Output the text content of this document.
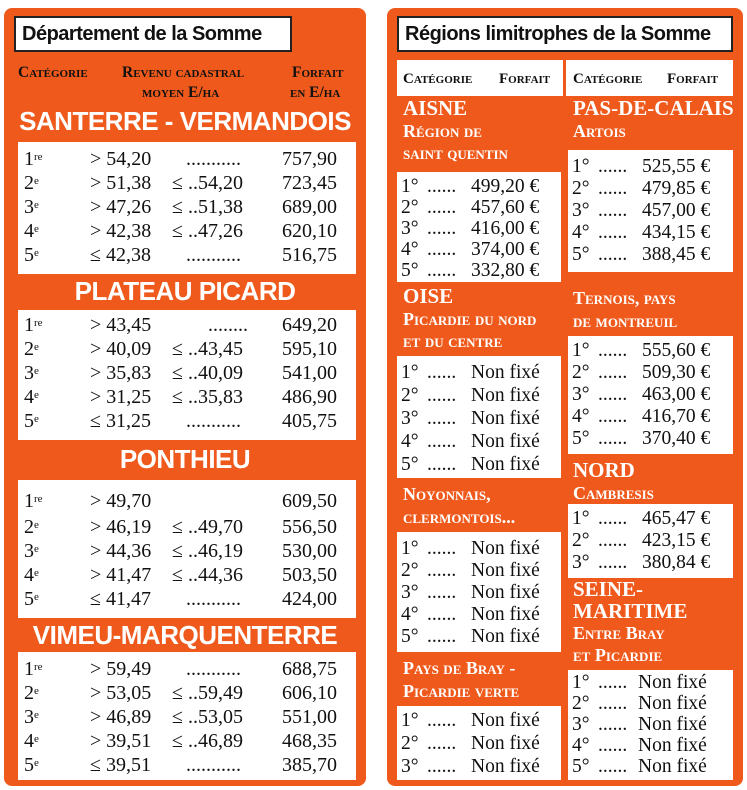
Département de la Somme
Catégorie Revenu cadastral
moyen E/ha
Forfait
en E/ha
SANTERRE - VERMANDOIS
1re > 54,20 ........... 757,90
$2^e$	> 51,38 ≤ ..54,20 723,45
$3^e$	> 47,26 ≤ ..51,38 689,00
$4^e$	> 42,38 ≤ ..47,26 620,10
$5^e$	≤ 42,38 ........... 516,75
PLATEAU PICARD
1re > 43,45	........ 649,20
$2^e$	> 40,09 ≤ ..43,45 595,10
$3^e$	> 35,83 ≤ ..40,09 541,00
$4^e$	> 31,25 ≤ ..35,83 486,90
$5^e$	≤ 31,25 ........... 405,75
PONTHIEU
1re > 49,70	609,50
$2^e$	> 46,19 ≤ ..49,70 556,50
$3^e$	> 44,36 ≤ ..46,19 530,00
$4^e$	> 41,47 ≤ ..44,36 503,50
$5^e$	≤ 41,47 ........... 424,00
VIMEU-MARQUENTERRE
1re > 59,49 ........... 688,75
$2^e$	> 53,05 ≤ ..59,49 606,10
$3^e$	> 46,89 ≤ ..53,05 551,00
$4^e$	> 39,51 ≤ ..46,89 468,35
$5^e$	≤ 39,51 ........... 385,70
Régions limitrophes de la Somme
Catégorie Forfait Catégorie Forfait
AISNE
Région de
saint quentin
1° ...... 499,20 €
2° ...... 457,60 €
3° ...... 416,00 €
4° ...... 374,00 €
5° ...... 332,80 €
OISE
Picardie du nord
et du centre
1° ...... Non fixé
2° ...... Non fixé
3° ...... Non fixé
4° ...... Non fixé
5° ...... Non fixé
Noyonnais,
clermontois...
1° ...... Non fixé
2° ...... Non fixé
3° ...... Non fixé
4° ...... Non fixé
5° ...... Non fixé
Pays de Bray -
Picardie verte
1° ...... Non fixé
2° ...... Non fixé
3° ...... Non fixé
PAS-DE-CALAIS
Artois
1° ...... 525,55 €
2° ...... 479,85 €
3° ...... 457,00 €
4° ...... 434,15 €
5° ...... 388,45 €
Ternois, pays
de montreuil
1° ...... 555,60 €
2° ...... 509,30 €
3° ...... 463,00 €
4° ...... 416,70 €
5° ...... 370,40 €
NORD
Cambresis
1° ...... 465,47 €
2° ...... 423,15 €
3° ...... 380,84 €
SEINE-
MARITIME
Entre Bray
et Picardie
1° ...... Non fixé
2° ...... Non fixé
3° ...... Non fixé
4° ...... Non fixé
5° ...... Non fixé
